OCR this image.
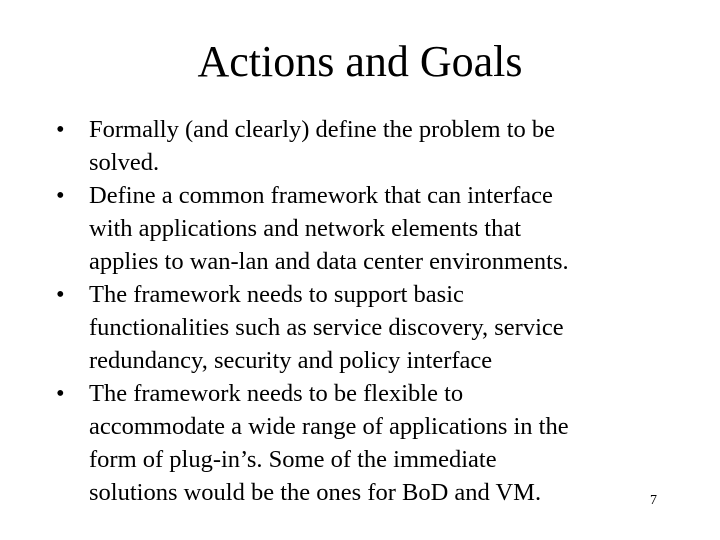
Actions and Goals
• Formally (and clearly) define the problem to be
solved.
• Define a common framework that can interface
with applications and network elements that
applies to wan-lan and data center environments.
• The framework needs to support basic
functionalities such as service discovery, service
redundancy, security and policy interface
• The framework needs to be flexible to
accommodate a wide range of applications in the
form of plug-in’s. Some of the immediate
solutions would be the ones for BoD and VM.	7
